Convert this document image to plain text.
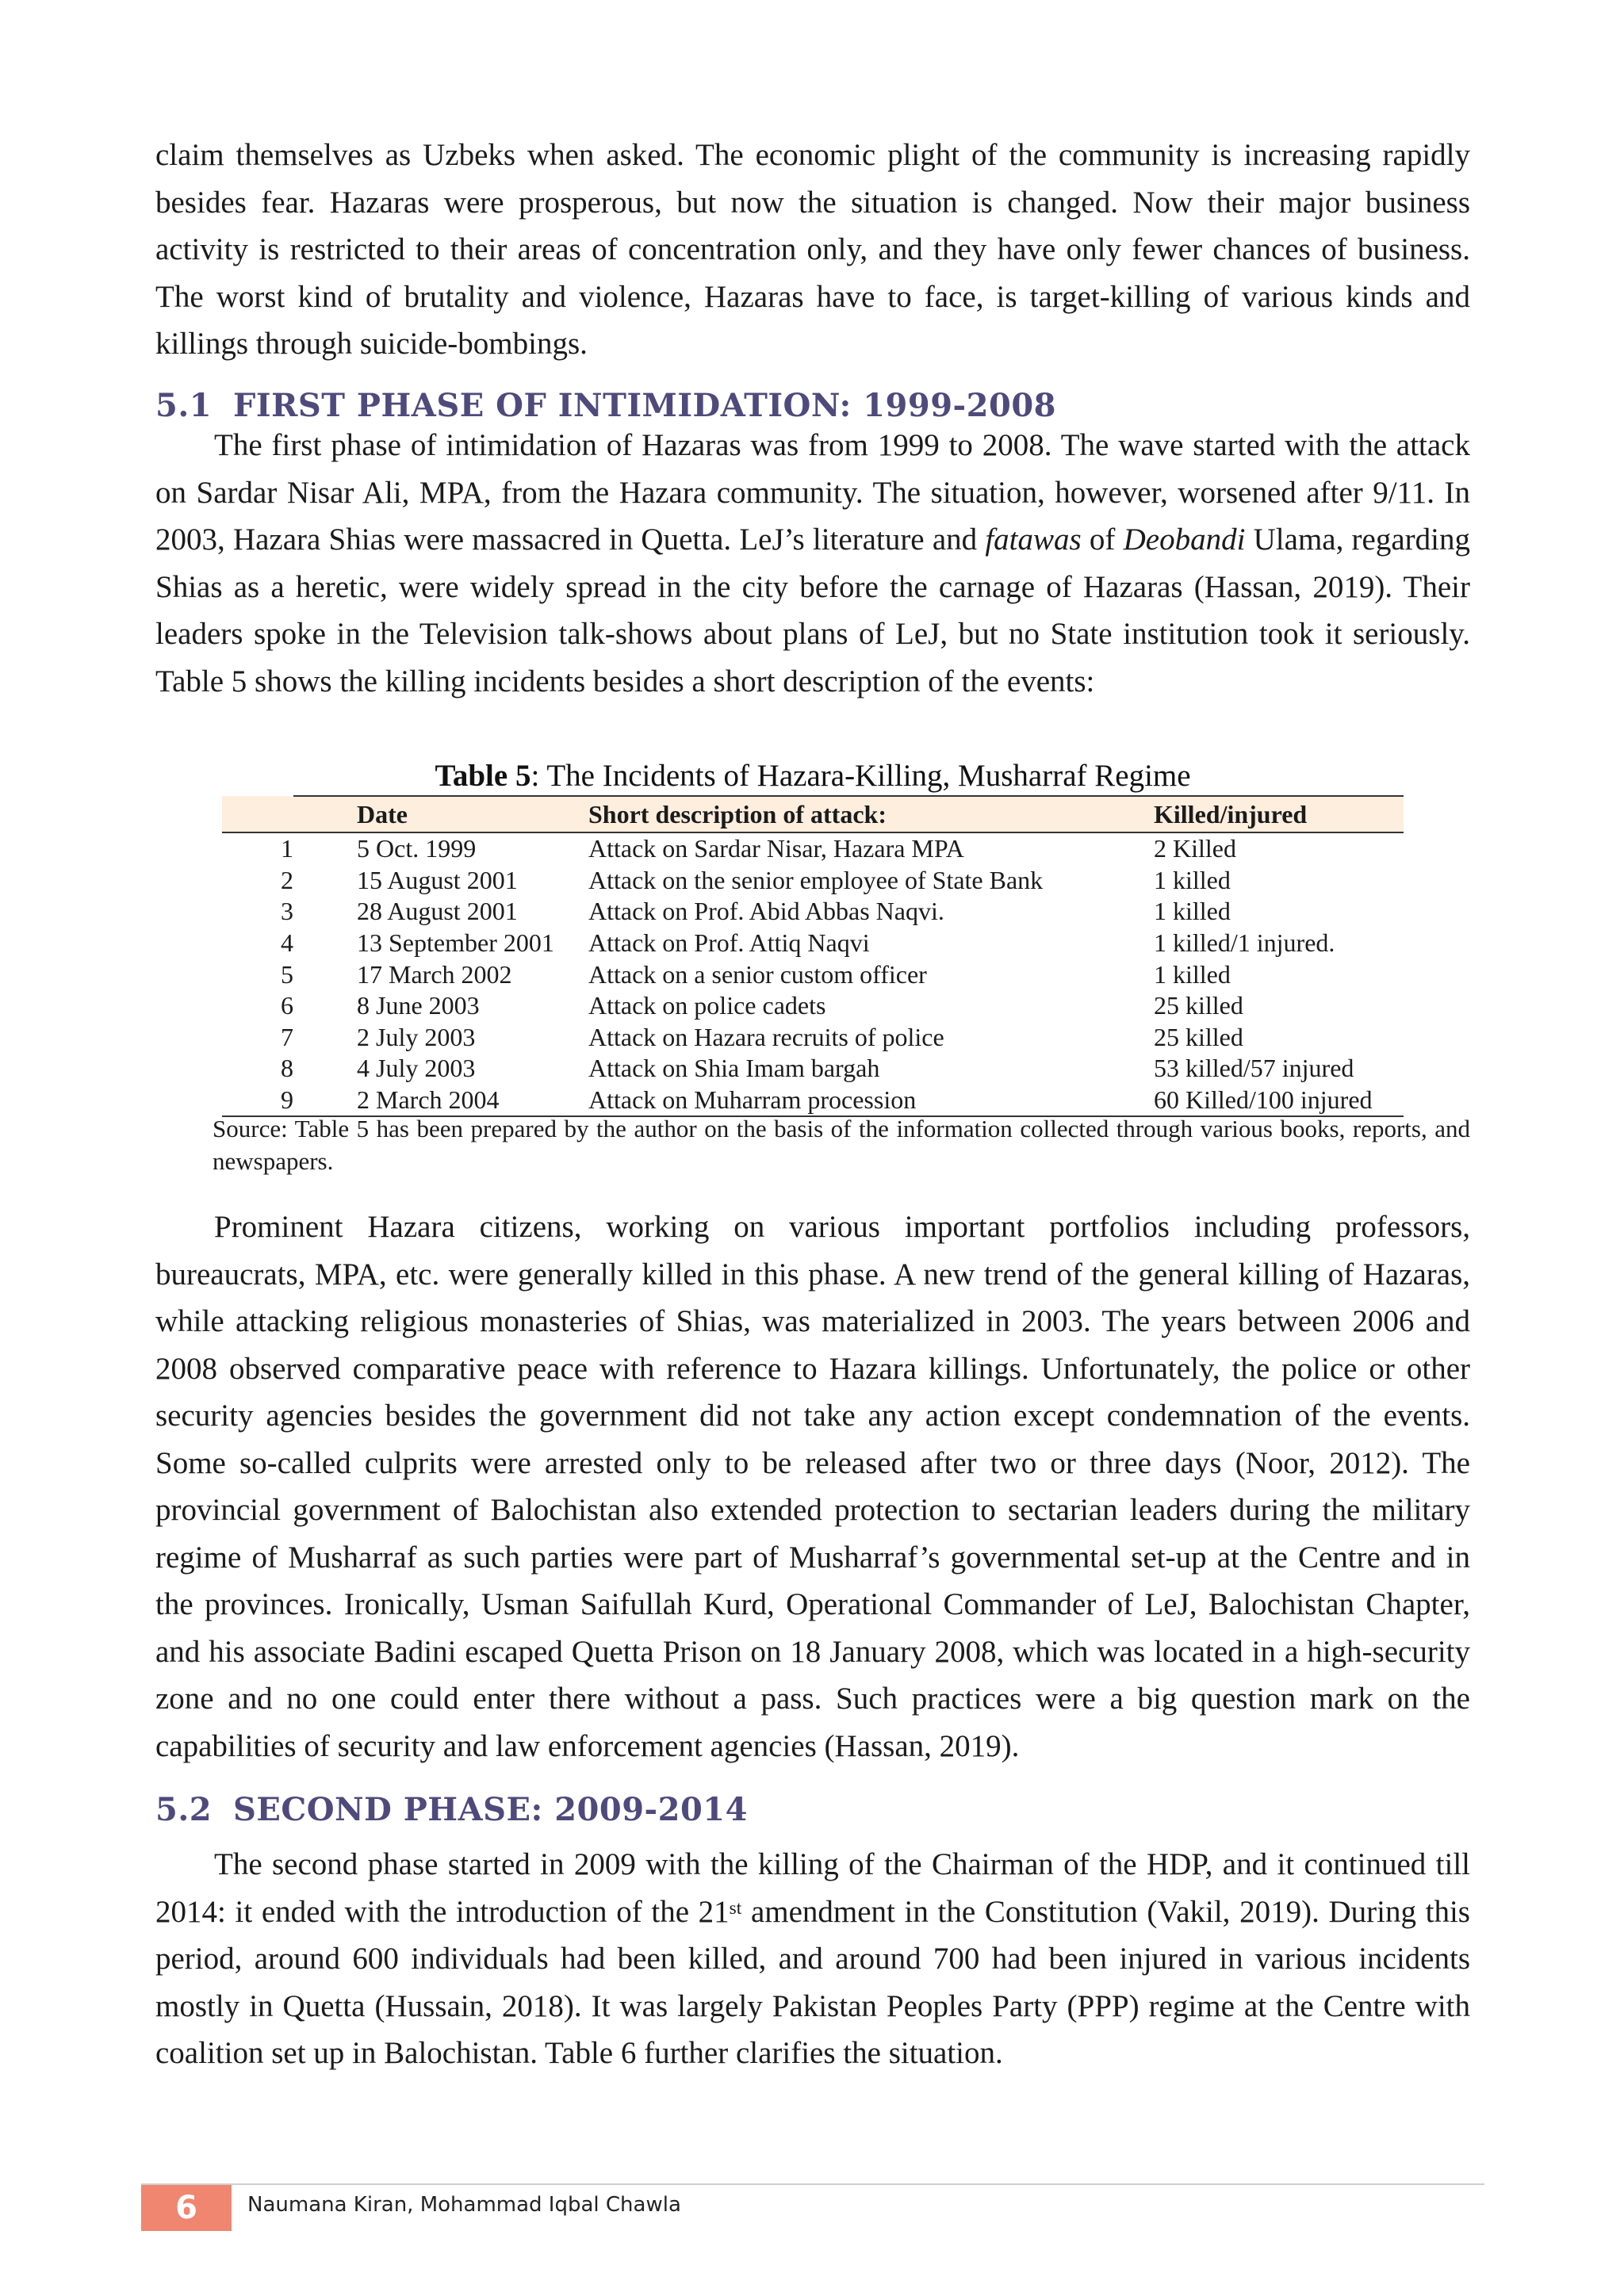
claim themselves as Uzbeks when asked. The economic plight of the community is increasing rapidly besides fear. Hazaras were prosperous, but now the situation is changed. Now their major business activity is restricted to their areas of concentration only, and they have only fewer chances of business. The worst kind of brutality and violence, Hazaras have to face, is target-killing of various kinds and killings through suicide-bombings.

5.1 FIRST PHASE OF INTIMIDATION: 1999-2008

The first phase of intimidation of Hazaras was from 1999 to 2008. The wave started with the attack on Sardar Nisar Ali, MPA, from the Hazara community. The situation, however, worsened after 9/11. In 2003, Hazara Shias were massacred in Quetta. LeJ’s literature and fatawas of Deobandi Ulama, regarding Shias as a heretic, were widely spread in the city before the carnage of Hazaras (Hassan, 2019). Their leaders spoke in the Television talk-shows about plans of LeJ, but no State institution took it seriously. Table 5 shows the killing incidents besides a short description of the events:

Table 5: The Incidents of Hazara-Killing, Musharraf Regime
	Date	Short description of attack:	Killed/injured
1	5 Oct. 1999	Attack on Sardar Nisar, Hazara MPA	2 Killed
2	15 August 2001	Attack on the senior employee of State Bank	1 killed
3	28 August 2001	Attack on Prof. Abid Abbas Naqvi.	1 killed
4	13 September 2001	Attack on Prof. Attiq Naqvi	1 killed/1 injured.
5	17 March 2002	Attack on a senior custom officer	1 killed
6	8 June 2003	Attack on police cadets	25 killed
7	2 July 2003	Attack on Hazara recruits of police	25 killed
8	4 July 2003	Attack on Shia Imam bargah	53 killed/57 injured
9	2 March 2004	Attack on Muharram procession	60 Killed/100 injured
Source: Table 5 has been prepared by the author on the basis of the information collected through various books, reports, and newspapers.

Prominent Hazara citizens, working on various important portfolios including professors, bureaucrats, MPA, etc. were generally killed in this phase. A new trend of the general killing of Hazaras, while attacking religious monasteries of Shias, was materialized in 2003. The years between 2006 and 2008 observed comparative peace with reference to Hazara killings. Unfortunately, the police or other security agencies besides the government did not take any action except condemnation of the events. Some so-called culprits were arrested only to be released after two or three days (Noor, 2012). The provincial government of Balochistan also extended protection to sectarian leaders during the military regime of Musharraf as such parties were part of Musharraf’s governmental set-up at the Centre and in the provinces. Ironically, Usman Saifullah Kurd, Operational Commander of LeJ, Balochistan Chapter, and his associate Badini escaped Quetta Prison on 18 January 2008, which was located in a high-security zone and no one could enter there without a pass. Such practices were a big question mark on the capabilities of security and law enforcement agencies (Hassan, 2019).

5.2 SECOND PHASE: 2009-2014

The second phase started in 2009 with the killing of the Chairman of the HDP, and it continued till 2014: it ended with the introduction of the 21st amendment in the Constitution (Vakil, 2019). During this period, around 600 individuals had been killed, and around 700 had been injured in various incidents mostly in Quetta (Hussain, 2018). It was largely Pakistan Peoples Party (PPP) regime at the Centre with coalition set up in Balochistan. Table 6 further clarifies the situation.

6	Naumana Kiran, Mohammad Iqbal Chawla
